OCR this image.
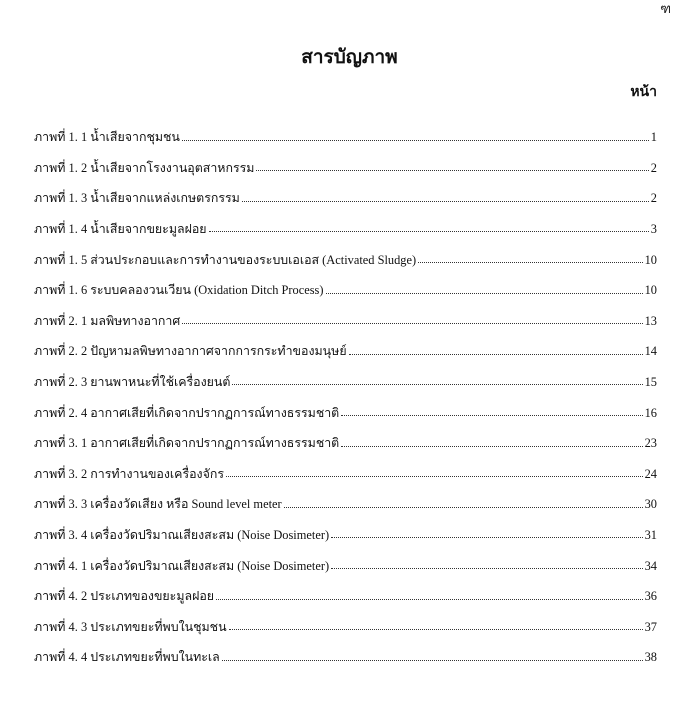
ฑ
สารบัญภาพ
หน้า
ภาพที่ 1. 1 น้ำเสียจากชุมชน	1
ภาพที่ 1. 2 น้ำเสียจากโรงงานอุตสาหกรรม	2
ภาพที่ 1. 3 น้ำเสียจากแหล่งเกษตรกรรม	2
ภาพที่ 1. 4 น้ำเสียจากขยะมูลฝอย	3
ภาพที่ 1. 5 ส่วนประกอบและการทำงานของระบบเอเอส (Activated Sludge)	10
ภาพที่ 1. 6 ระบบคลองวนเวียน (Oxidation Ditch Process)	10
ภาพที่ 2. 1 มลพิษทางอากาศ	13
ภาพที่ 2. 2 ปัญหามลพิษทางอากาศจากการกระทำของมนุษย์	14
ภาพที่ 2. 3 ยานพาหนะที่ใช้เครื่องยนต์	15
ภาพที่ 2. 4 อากาศเสียที่เกิดจากปรากฏการณ์ทางธรรมชาติ	16
ภาพที่ 3. 1 อากาศเสียที่เกิดจากปรากฏการณ์ทางธรรมชาติ	23
ภาพที่ 3. 2 การทำงานของเครื่องจักร	24
ภาพที่ 3. 3 เครื่องวัดเสียง หรือ Sound level meter	30
ภาพที่ 3. 4 เครื่องวัดปริมาณเสียงสะสม (Noise Dosimeter)	31
ภาพที่ 4. 1 เครื่องวัดปริมาณเสียงสะสม (Noise Dosimeter)	34
ภาพที่ 4. 2 ประเภทของขยะมูลฝอย	36
ภาพที่ 4. 3 ประเภทขยะที่พบในชุมชน	37
ภาพที่ 4. 4 ประเภทขยะที่พบในทะเล	38
